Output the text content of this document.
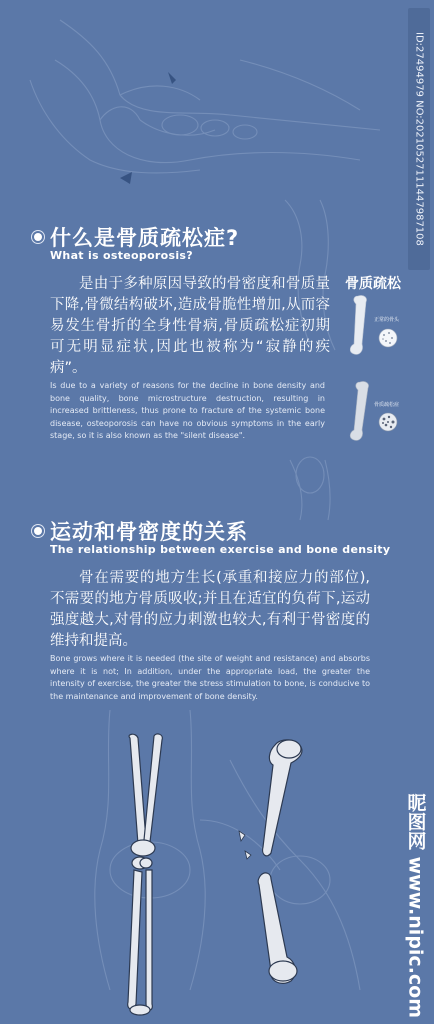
ID:27494979 NO:20210527111447987108
什么是骨质疏松症?
What is osteoporosis?
是由于多种原因导致的骨密度和骨质量下降,骨微结构破坏,造成骨脆性增加,从而容易发生骨折的全身性骨病,骨质疏松症初期可无明显症状,因此也被称为“寂静的疾病”。
Is due to a variety of reasons for the decline in bone density and bone quality, bone microstructure destruction, resulting in increased brittleness, thus prone to fracture of the systemic bone disease, osteoporosis can have no obvious symptoms in the early stage, so it is also known as the "silent disease".
骨质疏松
正常的骨头
骨质疏松症
运动和骨密度的关系
The relationship between exercise and bone density
骨在需要的地方生长(承重和接应力的部位),不需要的地方骨质吸收;并且在适宜的负荷下,运动强度越大,对骨的应力刺激也较大,有利于骨密度的维持和提高。
Bone grows where it is needed (the site of weight and resistance) and absorbs where it is not; In addition, under the appropriate load, the greater the intensity of exercise, the greater the stress stimulation to bone, is conducive to the maintenance and improvement of bone density.
昵图网 www.nipic.com
